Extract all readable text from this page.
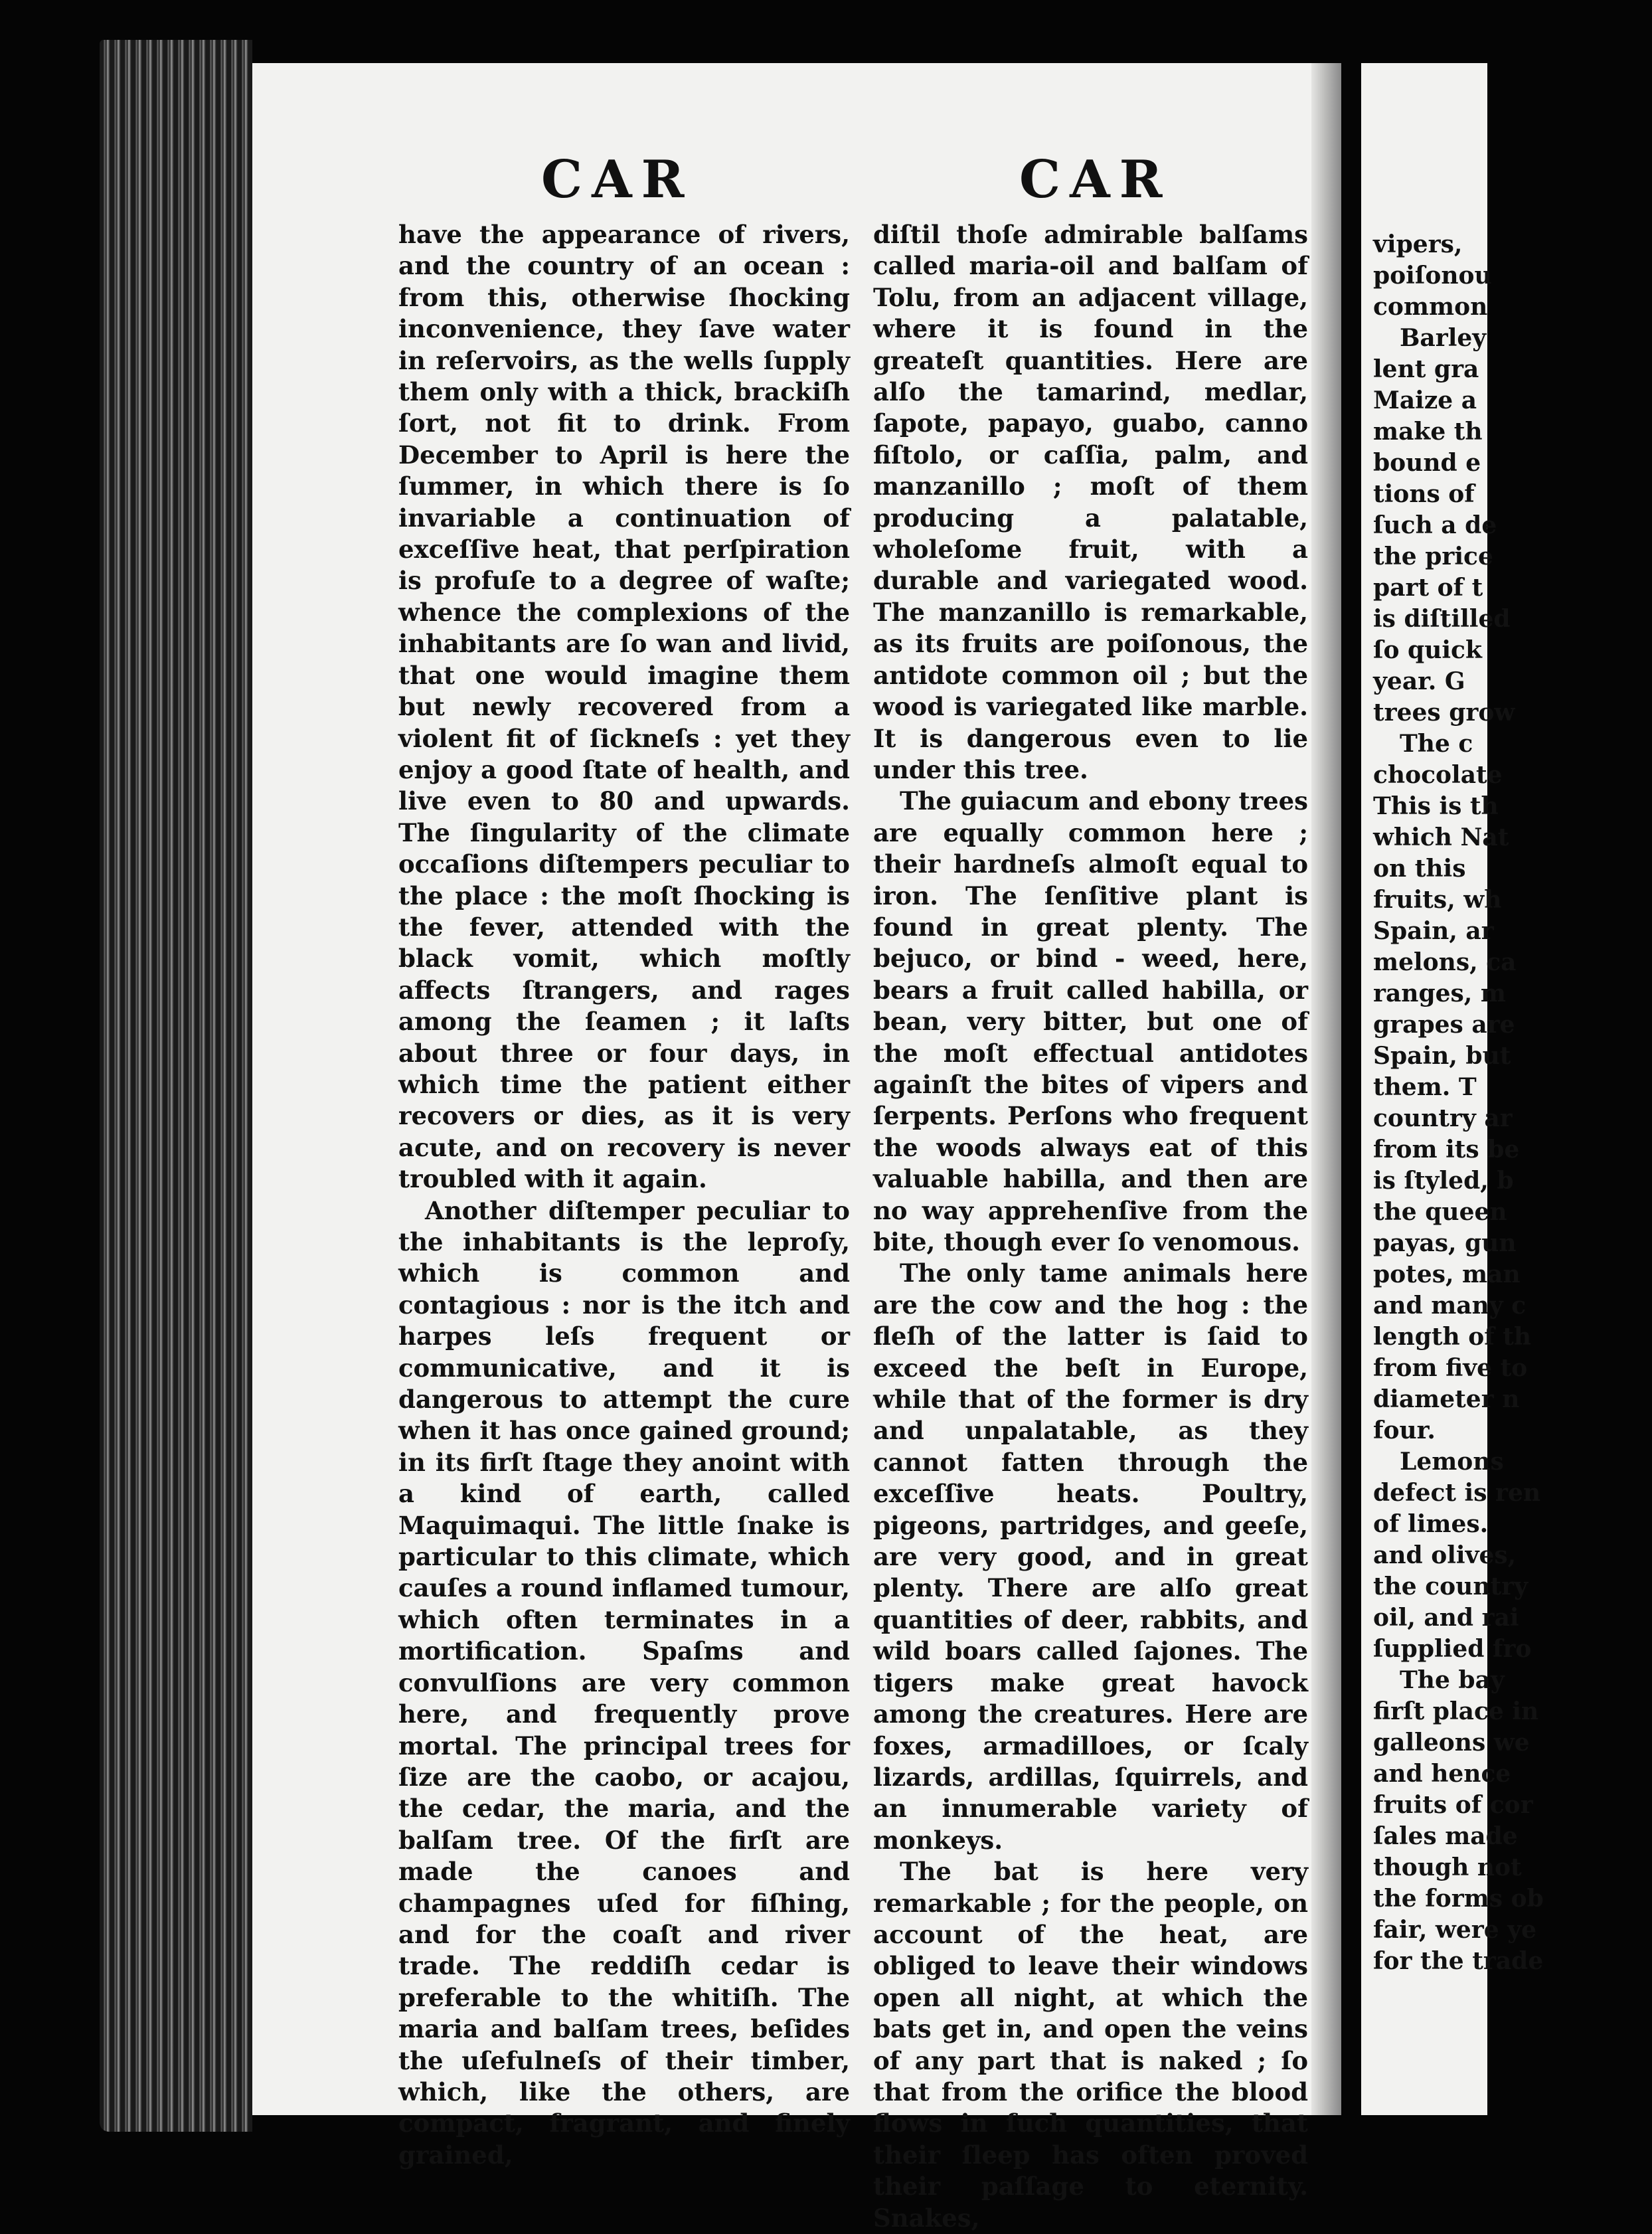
CAR	CAR

have the appearance of rivers, and the country of an ocean : from this, otherwise ſhocking inconvenience, they ſave water in reſervoirs, as the wells ſupply them only with a thick, brackiſh ſort, not fit to drink. From December to April is here the ſummer, in which there is ſo invariable a continuation of exceſſive heat, that perſpiration is profuſe to a degree of waſte; whence the complexions of the inhabitants are ſo wan and livid, that one would imagine them but newly recovered from a violent fit of ſickneſs : yet they enjoy a good ſtate of health, and live even to 80 and upwards. The ſingularity of the climate occaſions diſtempers peculiar to the place : the moſt ſhocking is the fever, attended with the black vomit, which moſtly affects ſtrangers, and rages among the ſeamen ; it laſts about three or four days, in which time the patient either recovers or dies, as it is very acute, and on recovery is never troubled with it again.

Another diſtemper peculiar to the inhabitants is the leproſy, which is common and contagious : nor is the itch and harpes leſs frequent or communicative, and it is dangerous to attempt the cure when it has once gained ground; in its firſt ſtage they anoint with a kind of earth, called Maquimaqui. The little ſnake is particular to this climate, which cauſes a round inflamed tumour, which often terminates in a mortification. Spaſms and convulſions are very common here, and frequently prove mortal. The principal trees for ſize are the caobo, or acajou, the cedar, the maria, and the balſam tree. Of the firſt are made the canoes and champagnes uſed for fiſhing, and for the coaſt and river trade. The reddiſh cedar is preferable to the whitiſh. The maria and balſam trees, beſides the uſefulneſs of their timber, which, like the others, are compact, fragrant, and finely grained,

diſtil thoſe admirable balſams called maria-oil and balſam of Tolu, from an adjacent village, where it is found in the greateſt quantities. Here are alſo the tamarind, medlar, ſapote, papayo, guabo, canno fiſtolo, or caſſia, palm, and manzanillo ; moſt of them producing a palatable, wholeſome fruit, with a durable and variegated wood. The manzanillo is remarkable, as its fruits are poiſonous, the antidote common oil ; but the wood is variegated like marble. It is dangerous even to lie under this tree.

The guiacum and ebony trees are equally common here ; their hardneſs almoſt equal to iron. The ſenſitive plant is found in great plenty. The bejuco, or bind - weed, here, bears a fruit called habilla, or bean, very bitter, but one of the moſt effectual antidotes againſt the bites of vipers and ſerpents. Perſons who frequent the woods always eat of this valuable habilla, and then are no way apprehenſive from the bite, though ever ſo venomous.

The only tame animals here are the cow and the hog : the fleſh of the latter is ſaid to exceed the beſt in Europe, while that of the former is dry and unpalatable, as they cannot fatten through the exceſſive heats. Poultry, pigeons, partridges, and geeſe, are very good, and in great plenty. There are alſo great quantities of deer, rabbits, and wild boars called ſajones. The tigers make great havock among the creatures. Here are foxes, armadilloes, or ſcaly lizards, ardillas, ſquirrels, and an innumerable variety of monkeys.

The bat is here very remarkable ; for the people, on account of the heat, are obliged to leave their windows open all night, at which the bats get in, and open the veins of any part that is naked ; ſo that from the orifice the blood flows in ſuch quantities, that their ſleep has often proved their paſſage to eternity. Snakes,

vipers,
poiſonou
common
Barley
lent gra
Maize a
make th
bound e
tions of
ſuch a de
the price
part of t
is diſtilled
ſo quick
year. G
trees grow
The c
chocolate
This is th
which Nat
on this
fruits, wh
Spain, ar
melons, ca
ranges, m
grapes are
Spain, but
them. T
country ar
from its be
is ſtyled, b
the queen
payas, gun
potes, man
and many c
length of th
from five to
diameter n
four.
Lemons
defect is ren
of limes.
and olives,
the country
oil, and rai
ſupplied fro
The bay
firſt place in
galleons we
and hence
fruits of cor
ſales made
though not
the forms ob
fair, were ye
for the trade
